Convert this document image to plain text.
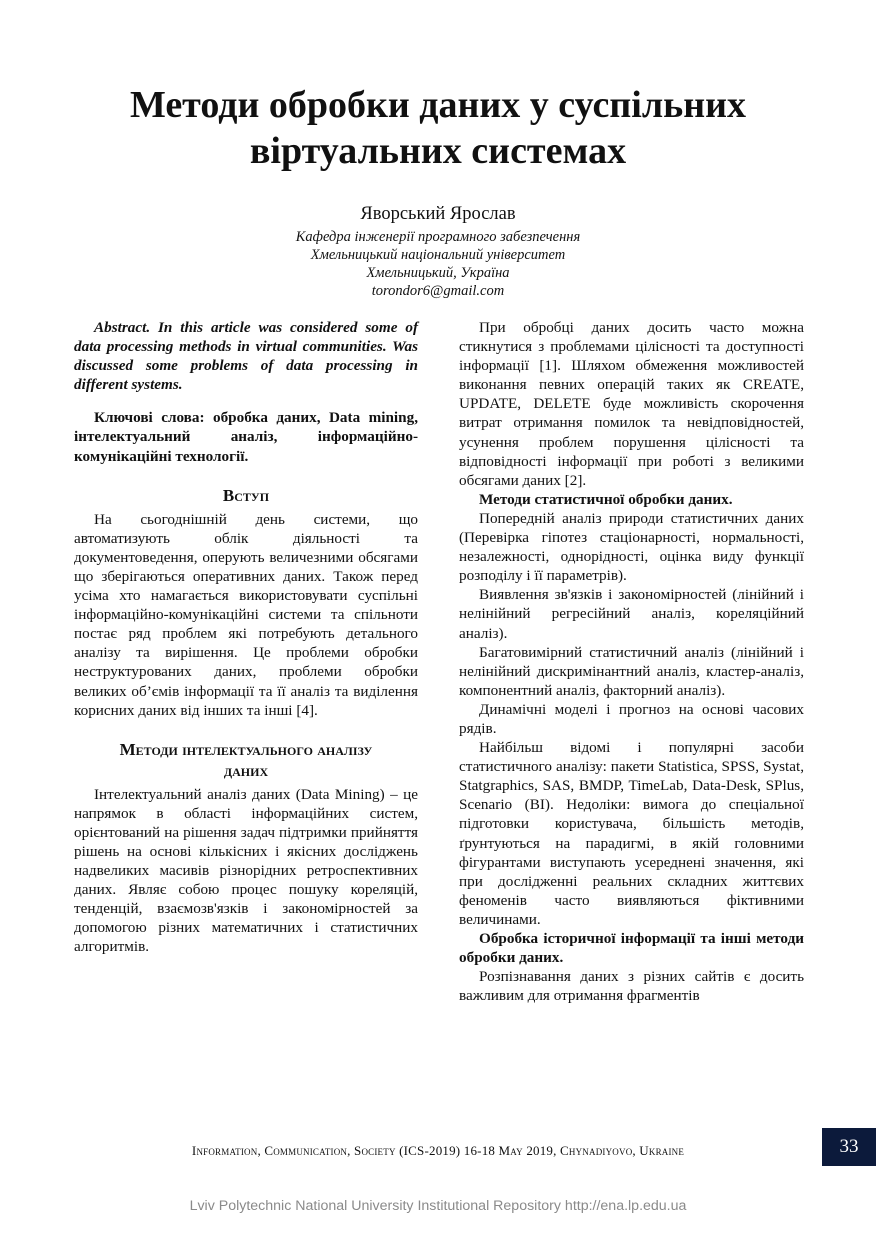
Методи обробки даних у суспільних
віртуальних системах
Яворський Ярослав
Кафедра інженерії програмного забезпечення
Хмельницький національний університет
Хмельницький, Україна
torondor6@gmail.com

Abstract. In this article was considered some of data processing methods in virtual communities. Was discussed some problems of data processing in different systems.

Ключові слова: обробка даних, Data mining, інтелектуальний аналіз, інформаційно-комунікаційні технології.

Вступ

На сьогоднішній день системи, що автоматизують облік діяльності та документоведення, оперують величезними обсягами що зберігаються оперативних даних. Також перед усіма хто намагається використовувати суспільні інформаційно-комунікаційні системи та спільноти постає ряд проблем які потребують детального аналізу та вирішення. Це проблеми обробки неструктурованих даних, проблеми обробки великих об’ємів інформації та її аналіз та виділення корисних даних від інших та інші [4].

Методи інтелектуального аналізу
даних

Інтелектуальний аналіз даних (Data Mining) – це напрямок в області інформаційних систем, орієнтований на рішення задач підтримки прийняття рішень на основі кількісних і якісних досліджень надвеликих масивів різнорідних ретроспективних даних. Являє собою процес пошуку кореляцій, тенденцій, взаємозв'язків і закономірностей за допомогою різних математичних і статистичних алгоритмів.

При обробці даних досить часто можна стикнутися з проблемами цілісності та доступності інформації [1]. Шляхом обмеження можливостей виконання певних операцій таких як CREATE, UPDATE, DELETE буде можливість скорочення витрат отримання помилок та невідповідностей, усунення проблем порушення цілісності та відповідності інформації при роботі з великими обсягами даних [2].

Методи статистичної обробки даних.

Попередній аналіз природи статистичних даних (Перевірка гіпотез стаціонарності, нормальності, незалежності, однорідності, оцінка виду функції розподілу і її параметрів).

Виявлення зв'язків і закономірностей (лінійний і нелінійний регресійний аналіз, кореляційний аналіз).

Багатовимірний статистичний аналіз (лінійний і нелінійний дискримінантний аналіз, кластер-аналіз, компонентний аналіз, факторний аналіз).

Динамічні моделі і прогноз на основі часових рядів.

Найбільш відомі і популярні засоби статистичного аналізу: пакети Statistica, SPSS, Systat, Statgraphics, SAS, BMDP, TimeLab, Data-Desk, SPlus, Scenario (BI). Недоліки: вимога до спеціальної підготовки користувача, більшість методів, ґрунтуються на парадигмі, в якій головними фігурантами виступають усереднені значення, які при дослідженні реальних складних життєвих феноменів часто виявляються фіктивними величинами.

Обробка історичної інформації та інші методи обробки даних.

Розпізнавання даних з різних сайтів є досить важливим для отримання фрагментів

Information, Communication, Society (ICS-2019) 16-18 May 2019, Chynadiyovo, Ukraine	33
Lviv Polytechnic National University Institutional Repository http://ena.lp.edu.ua
